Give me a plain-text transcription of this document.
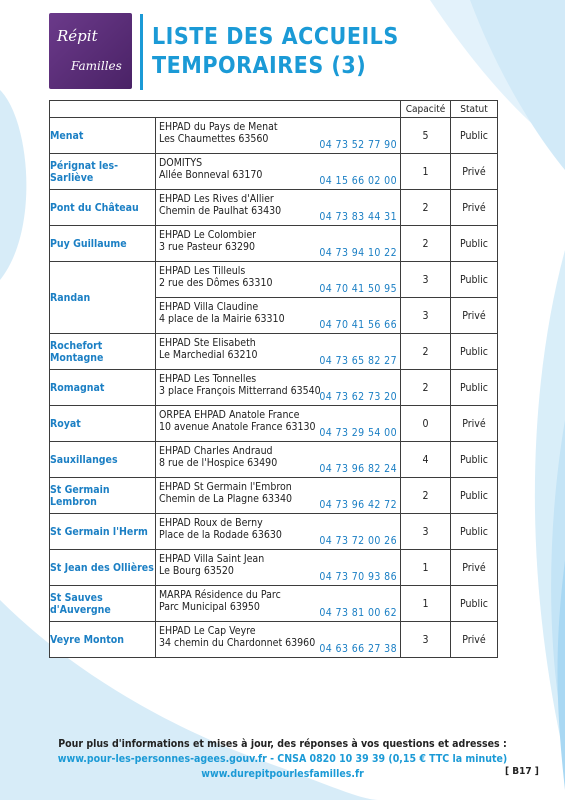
Répit
Familles
LISTE DES ACCUEILS
TEMPORAIRES (3)
		Capacité	Statut
Menat	EHPAD du Pays de Menat
Les Chaumettes 63560 04 73 52 77 90	5	Public
Pérignat les-Sarliève	DOMITYS
Allée Bonneval 63170 04 15 66 02 00	1	Privé
Pont du Château	EHPAD Les Rives d'Allier
Chemin de Paulhat 63430 04 73 83 44 31	2	Privé
Puy Guillaume	EHPAD Le Colombier
3 rue Pasteur 63290 04 73 94 10 22	2	Public
Randan	EHPAD Les Tilleuls
2 rue des Dômes 63310 04 70 41 50 95	3	Public

	EHPAD Villa Claudine
4 place de la Mairie 63310 04 70 41 56 66	3	Privé
Rochefort Montagne	EHPAD Ste Elisabeth
Le Marchedial 63210 04 73 65 82 27	2	Public
Romagnat	EHPAD Les Tonnelles
3 place François Mitterrand 63540
04 73 62 73 20	2	Public
Royat	ORPEA EHPAD Anatole France
10 avenue Anatole France 63130 04 73 29 54 00	0	Privé
Sauxillanges	EHPAD Charles Andraud
8 rue de l'Hospice 63490 04 73 96 82 24	4	Public
St Germain Lembron	EHPAD St Germain l'Embron
Chemin de La Plagne 63340 04 73 96 42 72	2	Public
St Germain l'Herm	EHPAD Roux de Berny
Place de la Rodade 63630 04 73 72 00 26	3	Public
St Jean des Ollières	EHPAD Villa Saint Jean
Le Bourg 63520 04 73 70 93 86	1	Privé
St Sauves d'Auvergne	MARPA Résidence du Parc
Parc Municipal 63950 04 73 81 00 62	1	Public
Veyre Monton	EHPAD Le Cap Veyre
34 chemin du Chardonnet 63960 04 63 66 27 38	3	Privé
Pour plus d'informations et mises à jour, des réponses à vos questions et adresses :
www.pour-les-personnes-agees.gouv.fr - CNSA 0820 10 39 39 (0,15 € TTC la minute)
www.durepitpourlesfamilles.fr	[ B17 ]
